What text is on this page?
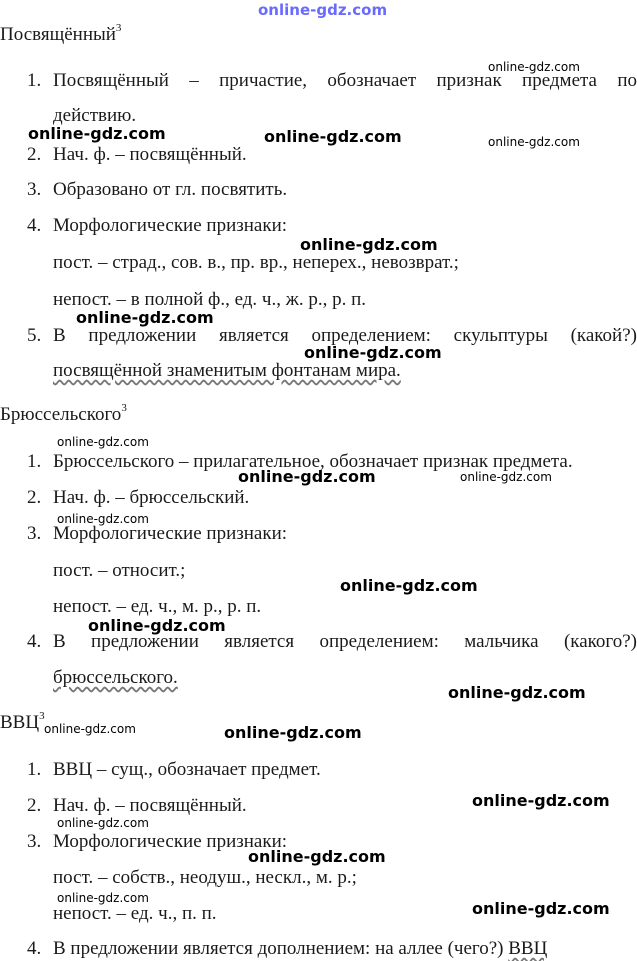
online-gdz.com
Посвящённый$^3$
1. Посвящённый – причастие, обозначает признак предмета по
действию.
2. Нач. ф. – посвящённый.
3. Образовано от гл. посвятить.
4. Морфологические признаки:
пост. – страд., сов. в., пр. вр., неперех., невозврат.;
непост. – в полной ф., ед. ч., ж. р., р. п.
5. В предложении является определением: скульптуры (какой?)
посвящённой знаменитым фонтанам мира.
Брюссельского$^3$
1. Брюссельского – прилагательное, обозначает признак предмета.
2. Нач. ф. – брюссельский.
3. Морфологические признаки:
пост. – относит.;
непост. – ед. ч., м. р., р. п.
4. В предложении является определением: мальчика (какого?)
брюссельского.
ВВЦ$^3$
1. ВВЦ – сущ., обозначает предмет.
2. Нач. ф. – посвящённый.
3. Морфологические признаки:
пост. – собств., неодуш., нескл., м. р.;
непост. – ед. ч., п. п.
4. В предложении является дополнением: на аллее (чего?) ВВЦ
online-gdz.com
online-gdz.com	online-gdz.com	online-gdz.com
online-gdz.com
online-gdz.com
online-gdz.com
online-gdz.com
online-gdz.com	online-gdz.com
online-gdz.com
online-gdz.com
online-gdz.com
online-gdz.com
online-gdz.com	online-gdz.com
online-gdz.com
online-gdz.com
online-gdz.com
online-gdz.com
online-gdz.com
